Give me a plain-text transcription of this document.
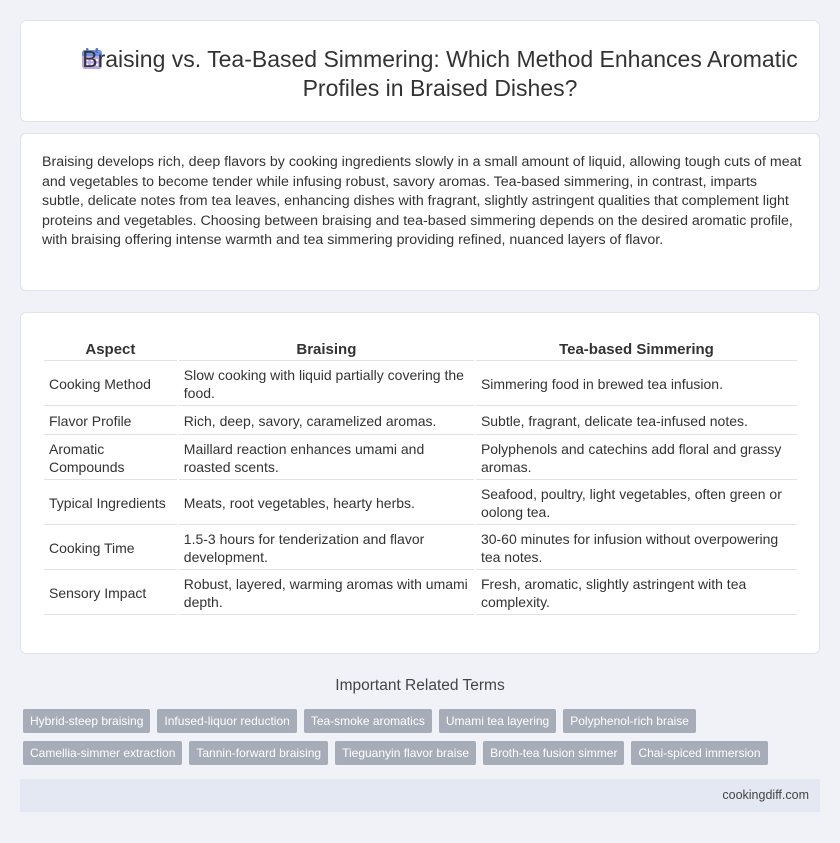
Braising vs. Tea-Based Simmering: Which Method Enhances Aromatic Profiles in Braised Dishes?

Braising develops rich, deep flavors by cooking ingredients slowly in a small amount of liquid, allowing tough cuts of meat and vegetables to become tender while infusing robust, savory aromas. Tea-based simmering, in contrast, imparts subtle, delicate notes from tea leaves, enhancing dishes with fragrant, slightly astringent qualities that complement light proteins and vegetables. Choosing between braising and tea-based simmering depends on the desired aromatic profile, with braising offering intense warmth and tea simmering providing refined, nuanced layers of flavor.

Aspect	Braising	Tea-based Simmering
Cooking Method	Slow cooking with liquid partially covering the food.	Simmering food in brewed tea infusion.
Flavor Profile	Rich, deep, savory, caramelized aromas.	Subtle, fragrant, delicate tea-infused notes.
Aromatic Compounds	Maillard reaction enhances umami and roasted scents.	Polyphenols and catechins add floral and grassy aromas.
Typical Ingredients	Meats, root vegetables, hearty herbs.	Seafood, poultry, light vegetables, often green or oolong tea.
Cooking Time	1.5-3 hours for tenderization and flavor development.	30-60 minutes for infusion without overpowering tea notes.
Sensory Impact	Robust, layered, warming aromas with umami depth.	Fresh, aromatic, slightly astringent with tea complexity.
Important Related Terms
Hybrid-steep braising	Infused-liquor reduction	Tea-smoke aromatics	Umami tea layering	Polyphenol-rich braise
Camellia-simmer extraction	Tannin-forward braising	Tieguanyin flavor braise	Broth-tea fusion simmer	Chai-spiced immersion
cookingdiff.com
